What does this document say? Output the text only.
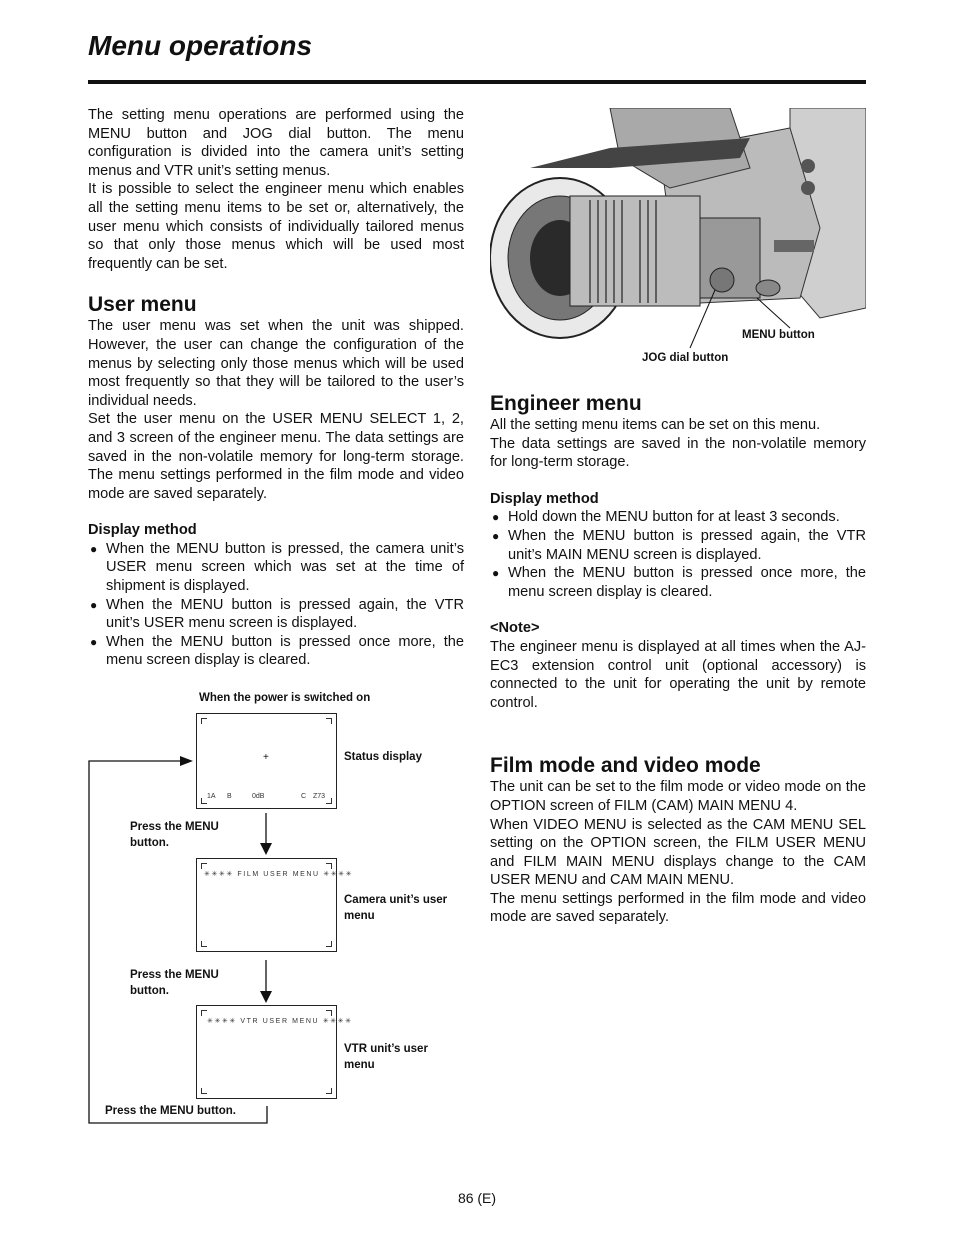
Menu operations

The setting menu operations are performed using the MENU button and JOG dial button. The menu configuration is divided into the camera unit’s setting menus and VTR unit’s setting menus.

It is possible to select the engineer menu which enables all the setting menu items to be set or, alternatively, the user menu which consists of individually tailored menus so that only those menus which will be used most frequently can be set.

User menu

The user menu was set when the unit was shipped. However, the user can change the configuration of the menus by selecting only those menus which will be used most frequently so that they will be tailored to the user’s individual needs.

Set the user menu on the USER MENU SELECT 1, 2, and 3 screen of the engineer menu. The data settings are saved in the non-volatile memory for long-term storage. The menu settings performed in the film mode and video mode are saved separately.

Display method
● When the MENU button is pressed, the camera unit’s USER menu screen which was set at the time of shipment is displayed.
● When the MENU button is pressed again, the VTR unit’s USER menu screen is displayed.
● When the MENU button is pressed once more, the menu screen display is cleared.
When the power is switched on
+
1A B	0dB	C Z73
Status display
Press the MENU button.
✳✳✳✳ FILM USER MENU ✳✳✳✳
Camera unit’s user menu
Press the MENU button.
✳✳✳✳ VTR USER MENU ✳✳✳✳
VTR unit’s user menu
Press the MENU button.
MENU button
JOG dial button
Engineer menu

All the setting menu items can be set on this menu.

The data settings are saved in the non-volatile memory for long-term storage.

Display method
● Hold down the MENU button for at least 3 seconds.
● When the MENU button is pressed again, the VTR unit’s MAIN MENU screen is displayed.
● When the MENU button is pressed once more, the menu screen display is cleared.
<Note>

The engineer menu is displayed at all times when the AJ-EC3 extension control unit (optional accessory) is connected to the unit for operating the unit by remote control.

Film mode and video mode

The unit can be set to the film mode or video mode on the OPTION screen of FILM (CAM) MAIN MENU 4.

When VIDEO MENU is selected as the CAM MENU SEL setting on the OPTION screen, the FILM USER MENU and FILM MAIN MENU displays change to the CAM USER MENU and CAM MAIN MENU.

The menu settings performed in the film mode and video mode are saved separately.

86 (E)
